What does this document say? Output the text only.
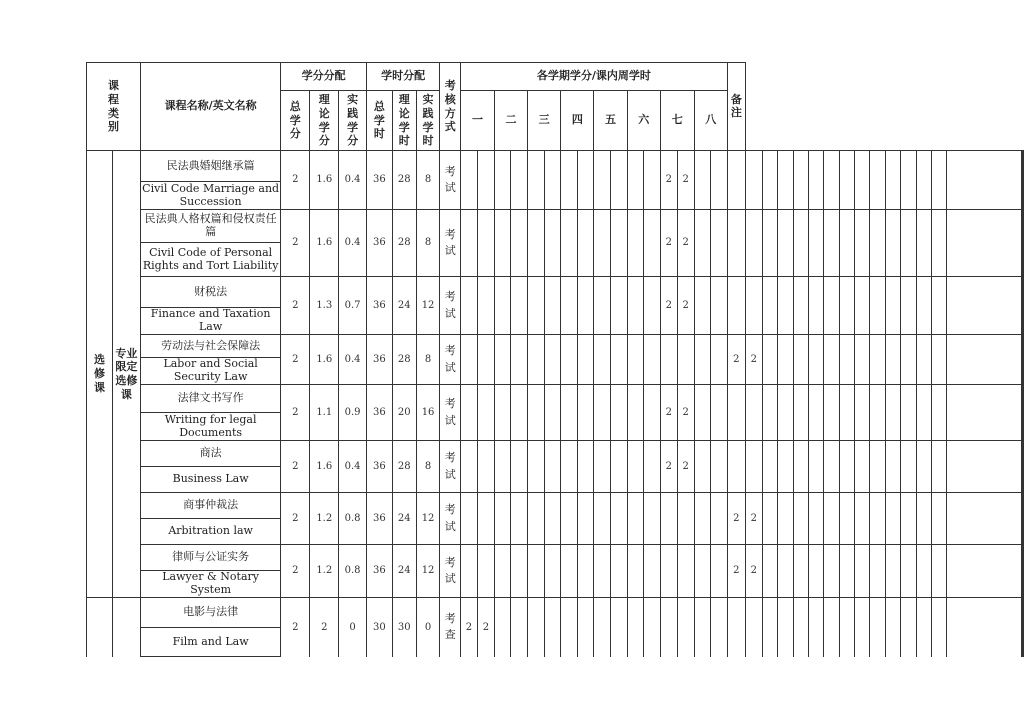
课程类别		课程名称/英文名称	学分分配			学时分配			考核方式	各学期学分/课内周学时																备注															

			总学分	理论学分	实践学分	总学时	理论学时	实践学时		一		二		三		四		五		六		七		八																	

选修课	专业限定选修课	民法典婚姻继承篇	2	1.6	0.4	36	28	8	考试													2	2																			
		Civil Code Marriage and Succession																																							
		民法典人格权篇和侵权责任篇	2	1.6	0.4	36	28	8	考试													2	2																			
		Civil Code of Personal Rights and Tort Liability																																							
		财税法	2	1.3	0.7	36	24	12	考试													2	2																			
		Finance and Taxation Law																																							
		劳动法与社会保障法	2	1.6	0.4	36	28	8	考试																	2	2															
		Labor and Social Security Law																																							
		法律文书写作	2	1.1	0.9	36	20	16	考试													2	2																			
		Writing for legal Documents																																							
		商法	2	1.6	0.4	36	28	8	考试													2	2																			
		Business Law																																							
		商事仲裁法	2	1.2	0.8	36	24	12	考试																	2	2															
		Arbitration law																																							
		律师与公证实务	2	1.2	0.8	36	24	12	考试																	2	2															
		Lawyer & Notary System																																							
		电影与法律	2	2	0	30	30	0	考查	2	2																															
		Film and Law																																							
